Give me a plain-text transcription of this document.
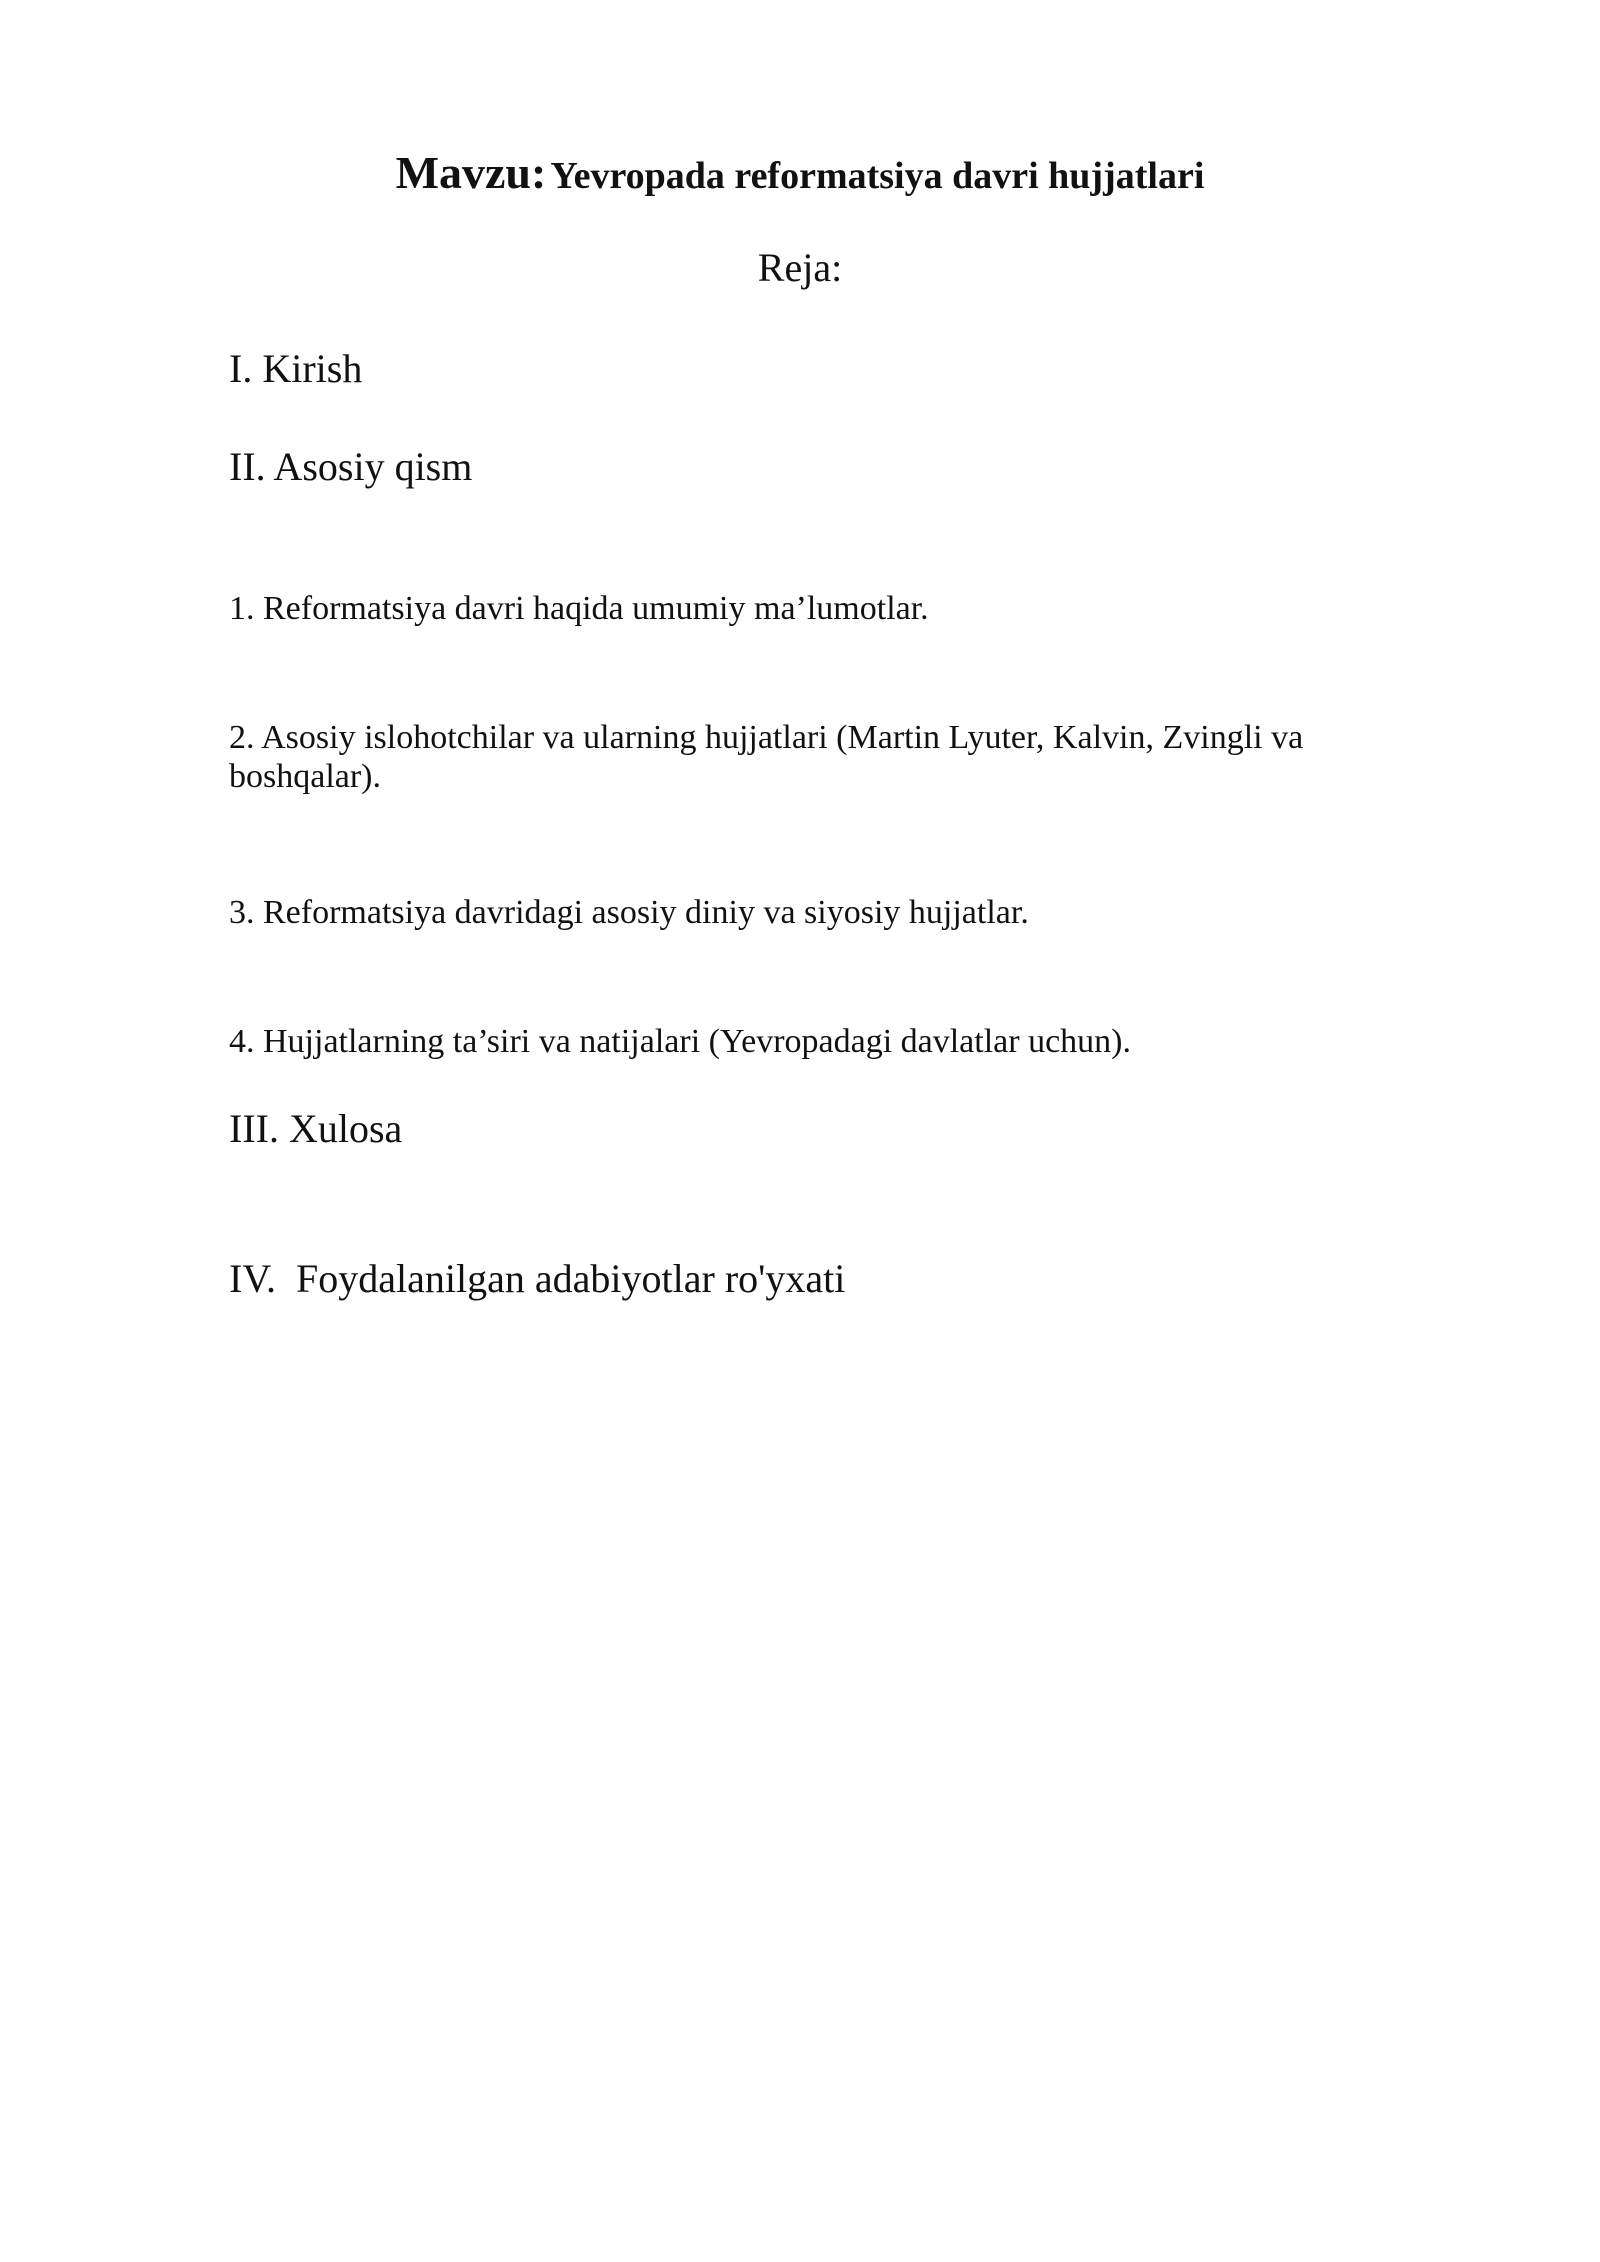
Mavzu: Yevropada reformatsiya davri hujjatlari
Reja:
I. Kirish
II. Asosiy qism
1. Reformatsiya davri haqida umumiy ma’lumotlar.
2. Asosiy islohotchilar va ularning hujjatlari (Martin Lyuter, Kalvin, Zvingli va boshqalar).
3. Reformatsiya davridagi asosiy diniy va siyosiy hujjatlar.
4. Hujjatlarning ta’siri va natijalari (Yevropadagi davlatlar uchun).
III. Xulosa
IV.  Foydalanilgan adabiyotlar ro'yxati
